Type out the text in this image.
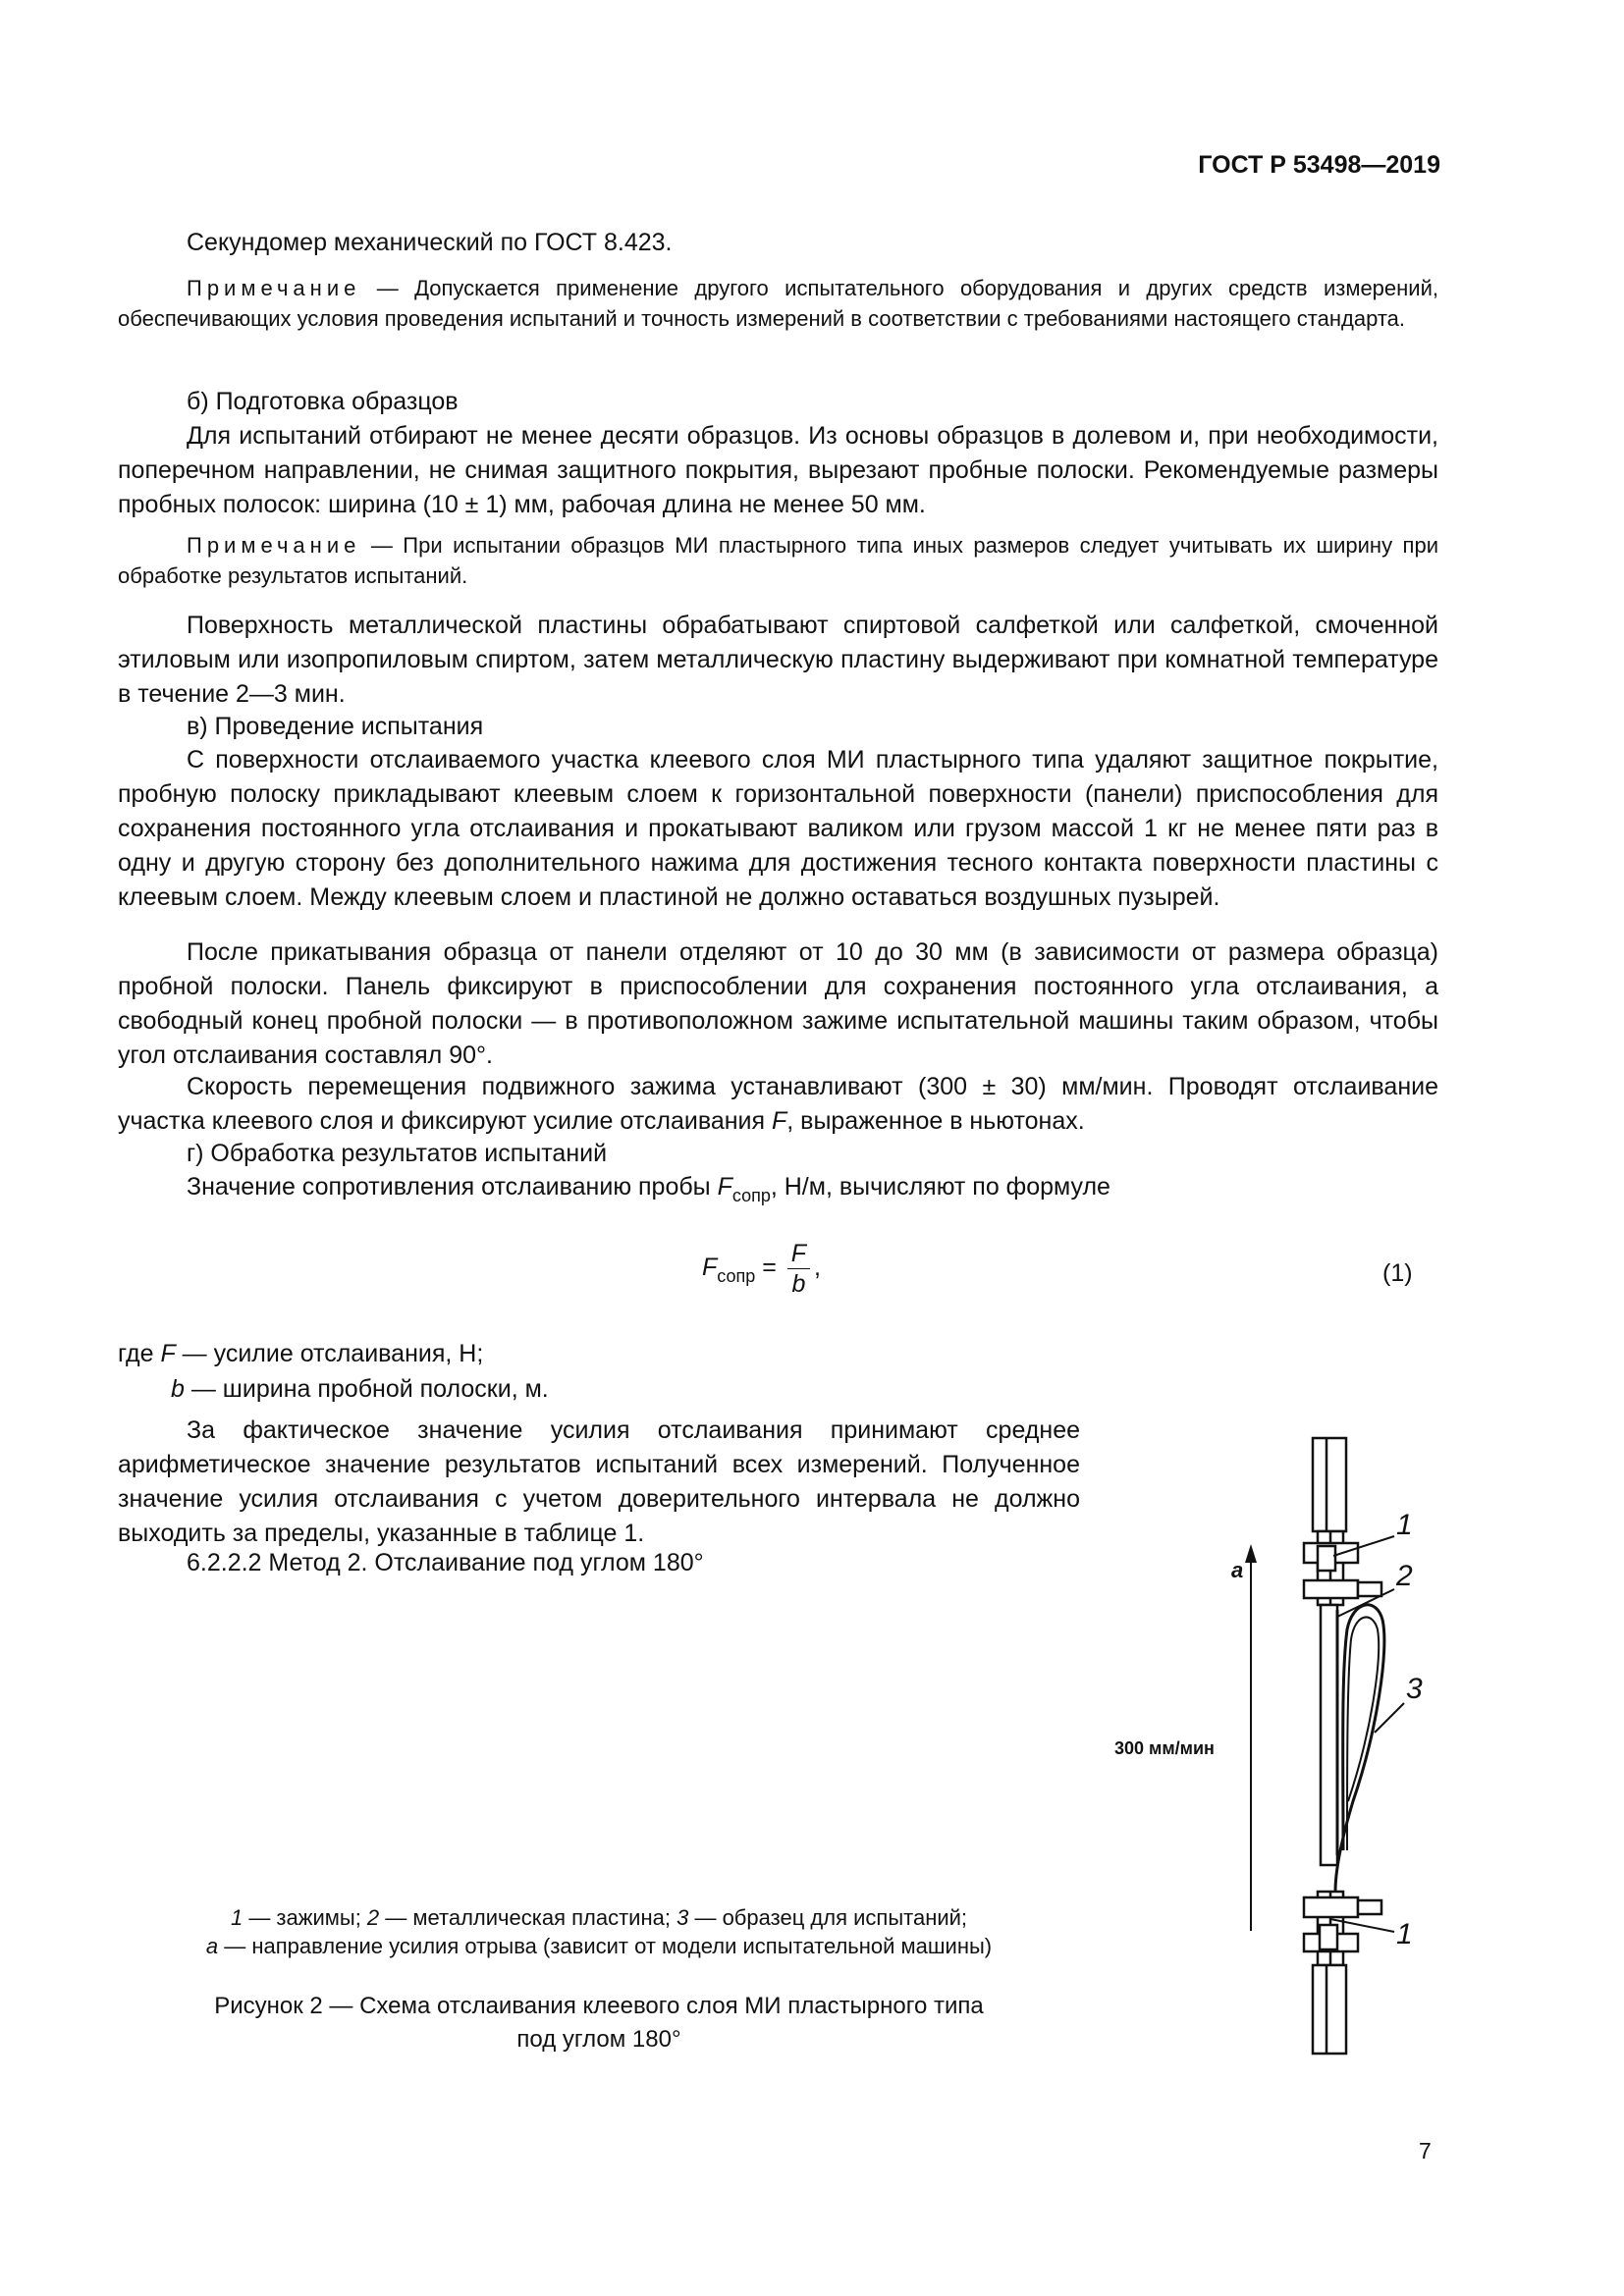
ГОСТ Р 53498—2019
Секундомер механический по ГОСТ 8.423.
Примечание — Допускается применение другого испытательного оборудования и других средств измерений, обеспечивающих условия проведения испытаний и точность измерений в соответствии с требованиями настоящего стандарта.
б) Подготовка образцов
Для испытаний отбирают не менее десяти образцов. Из основы образцов в долевом и, при необходимости, поперечном направлении, не снимая защитного покрытия, вырезают пробные полоски. Рекомендуемые размеры пробных полосок: ширина (10 ± 1) мм, рабочая длина не менее 50 мм.
Примечание — При испытании образцов МИ пластырного типа иных размеров следует учитывать их ширину при обработке результатов испытаний.
Поверхность металлической пластины обрабатывают спиртовой салфеткой или салфеткой, смоченной этиловым или изопропиловым спиртом, затем металлическую пластину выдерживают при комнатной температуре в течение 2—3 мин.
в) Проведение испытания
С поверхности отслаиваемого участка клеевого слоя МИ пластырного типа удаляют защитное покрытие, пробную полоску прикладывают клеевым слоем к горизонтальной поверхности (панели) приспособления для сохранения постоянного угла отслаивания и прокатывают валиком или грузом массой 1 кг не менее пяти раз в одну и другую сторону без дополнительного нажима для достижения тесного контакта поверхности пластины с клеевым слоем. Между клеевым слоем и пластиной не должно оставаться воздушных пузырей.
После прикатывания образца от панели отделяют от 10 до 30 мм (в зависимости от размера образца) пробной полоски. Панель фиксируют в приспособлении для сохранения постоянного угла отслаивания, а свободный конец пробной полоски — в противоположном зажиме испытательной машины таким образом, чтобы угол отслаивания составлял 90°.
Скорость перемещения подвижного зажима устанавливают (300 ± 30) мм/мин. Проводят отслаивание участка клеевого слоя и фиксируют усилие отслаивания F, выраженное в ньютонах.
г) Обработка результатов испытаний
Значение сопротивления отслаиванию пробы $F_{сопр}$, Н/м, вычисляют по формуле
$F_{сопр} = \frac{F}{b}$ ,	(1)
где F — усилие отслаивания, Н;
b — ширина пробной полоски, м.
За фактическое значение усилия отслаивания принимают среднее арифметическое значение результатов испытаний всех измерений. Полученное значение усилия отслаивания с учетом доверительного интервала не должно выходить за пределы, указанные в таблице 1.
6.2.2.2 Метод 2. Отслаивание под углом 180°
1
2
3
1
a
300 мм/мин
1 — зажимы; 2 — металлическая пластина; 3 — образец для испытаний;
а — направление усилия отрыва (зависит от модели испытательной машины)
Рисунок 2 — Схема отслаивания клеевого слоя МИ пластырного типа
под углом 180°
7
